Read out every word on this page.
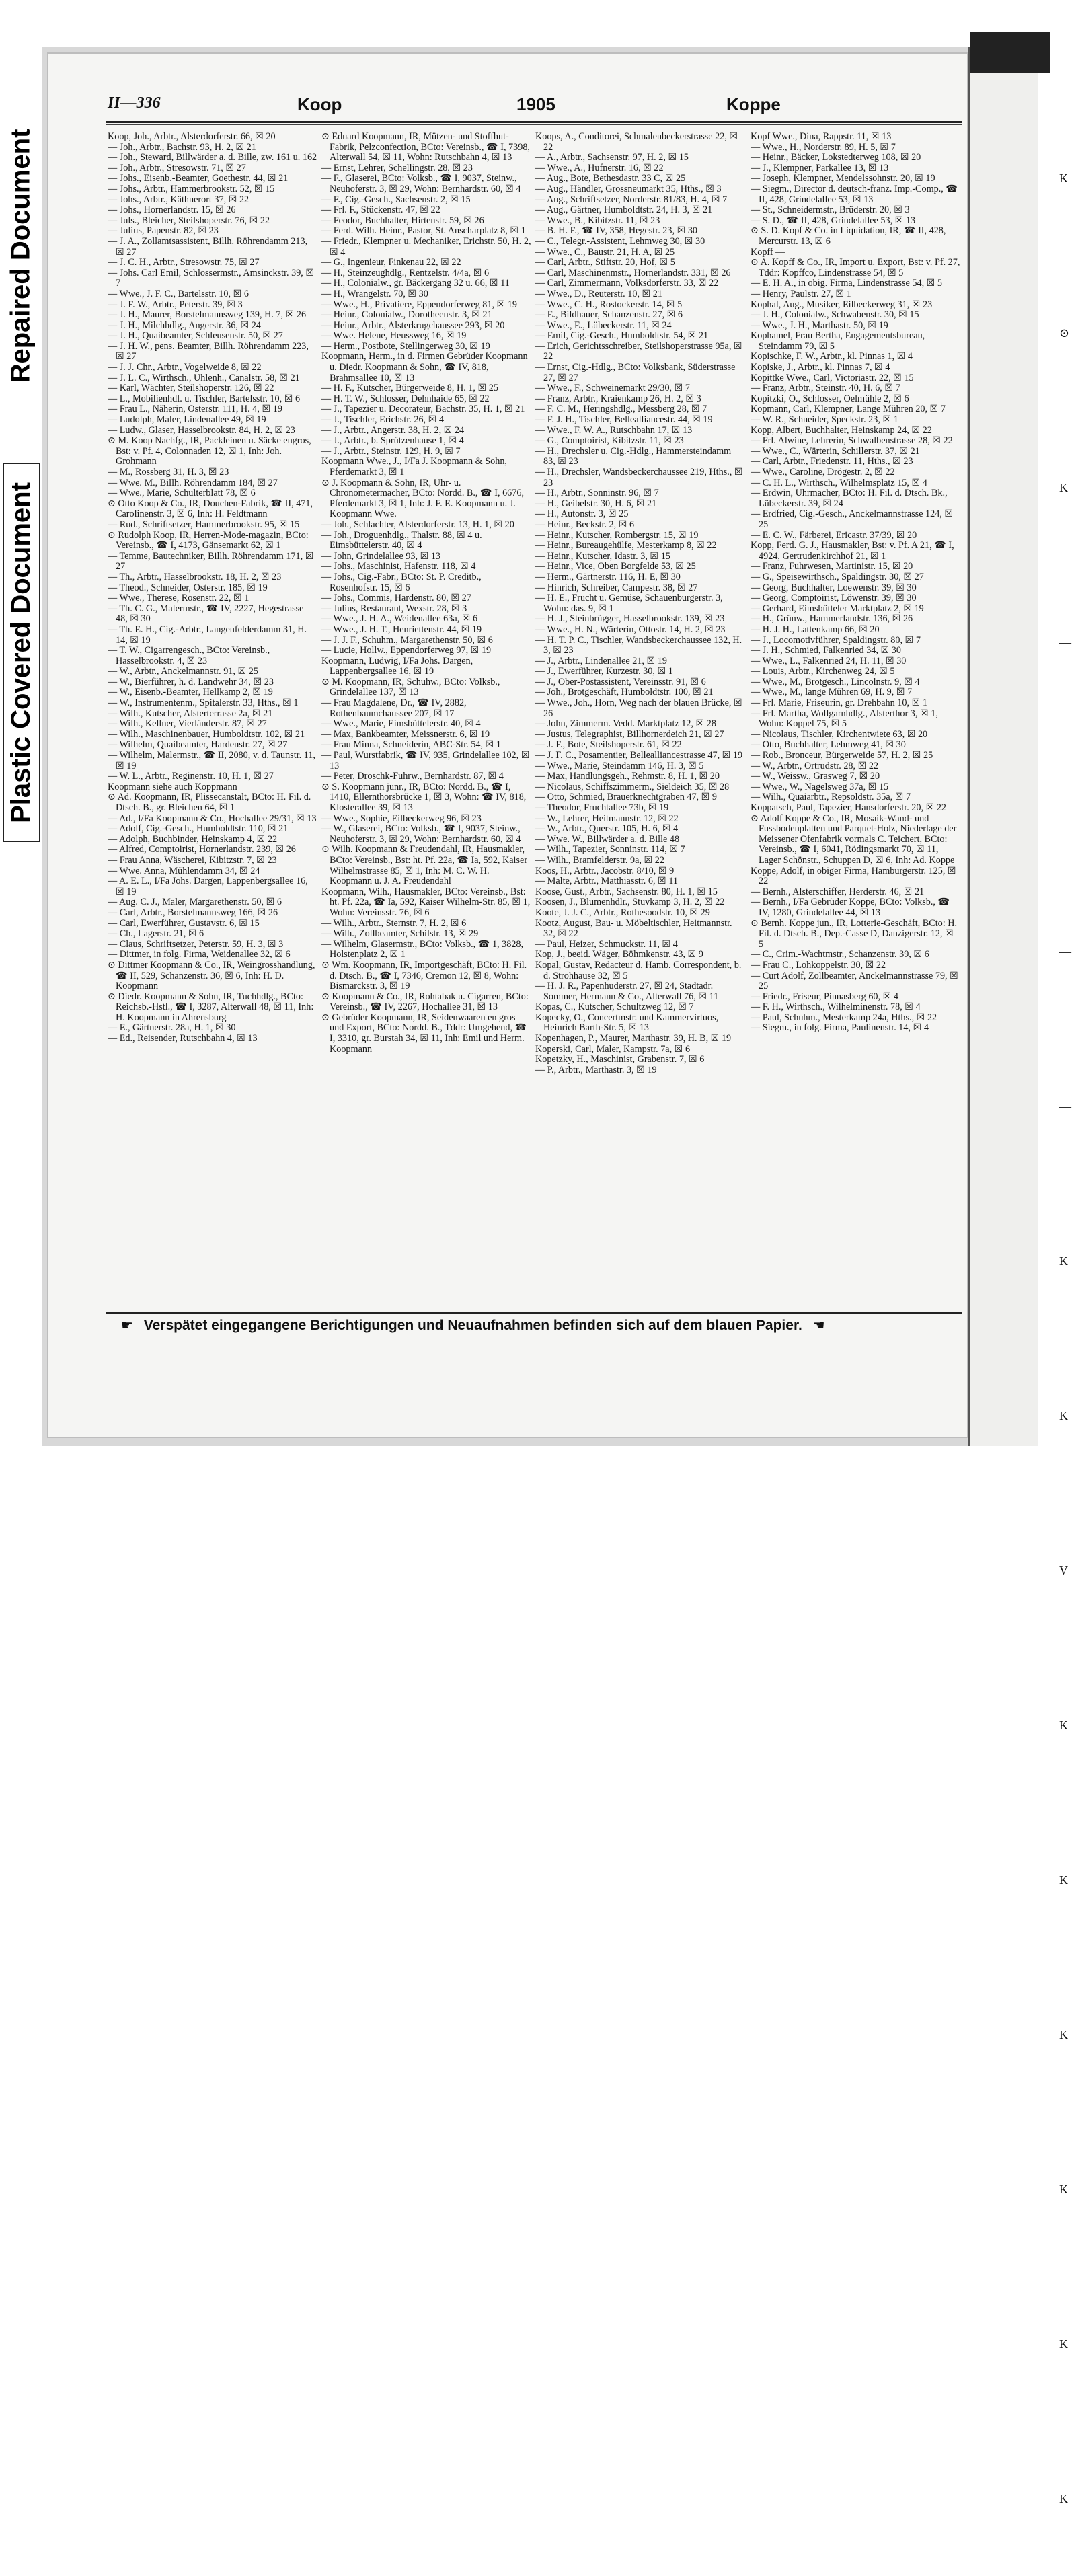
Repaired Document
Plastic Covered Document
II—336	Koop	1905	Koppe

Koop, Joh., Arbtr., Alsterdorferstr. 66, ☒ 20

— Joh., Arbtr., Bachstr. 93, H. 2, ☒ 21

— Joh., Steward, Billwärder a. d. Bille, zw. 161 u. 162

— Joh., Arbtr., Stresowstr. 71, ☒ 27

— Johs., Eisenb.-Beamter, Goethestr. 44, ☒ 21

— Johs., Arbtr., Hammerbrookstr. 52, ☒ 15

— Johs., Arbtr., Käthnerort 37, ☒ 22

— Johs., Hornerlandstr. 15, ☒ 26

— Juls., Bleicher, Steilshoperstr. 76, ☒ 22

— Julius, Papenstr. 82, ☒ 23

— J. A., Zollamtsassistent, Billh. Röhrendamm 213, ☒ 27

— J. C. H., Arbtr., Stresowstr. 75, ☒ 27

— Johs. Carl Emil, Schlossermstr., Amsinckstr. 39, ☒ 7

— Wwe., J. F. C., Bartelsstr. 10, ☒ 6

— J. F. W., Arbtr., Peterstr. 39, ☒ 3

— J. H., Maurer, Borstelmannsweg 139, H. 7, ☒ 26

— J. H., Milchhdlg., Angerstr. 36, ☒ 24

— J. H., Quaibeamter, Schleusenstr. 50, ☒ 27

— J. H. W., pens. Beamter, Billh. Röhrendamm 223, ☒ 27

— J. J. Chr., Arbtr., Vogelweide 8, ☒ 22

— J. L. C., Wirthsch., Uhlenh., Canalstr. 58, ☒ 21

— Karl, Wächter, Steilshoperstr. 126, ☒ 22

— L., Mobilienhdl. u. Tischler, Bartelsstr. 10, ☒ 6

— Frau L., Näherin, Osterstr. 111, H. 4, ☒ 19

— Ludolph, Maler, Lindenallee 49, ☒ 19

— Ludw., Glaser, Hasselbrookstr. 84, H. 2, ☒ 23

⊙ M. Koop Nachfg., IR, Packleinen u. Säcke engros, Bst: v. Pf. 4, Colonnaden 12, ☒ 1, Inh: Joh. Grohmann

— M., Rossberg 31, H. 3, ☒ 23

— Wwe. M., Billh. Röhrendamm 184, ☒ 27

— Wwe., Marie, Schulterblatt 78, ☒ 6

⊙ Otto Koop & Co., IR, Douchen-Fabrik, ☎ II, 471, Carolinenstr. 3, ☒ 6, Inh: H. Feldtmann

— Rud., Schriftsetzer, Hammerbrookstr. 95, ☒ 15

⊙ Rudolph Koop, IR, Herren-Mode-magazin, BCto: Vereinsb., ☎ I, 4173, Gänsemarkt 62, ☒ 1

— Temme, Bautechniker, Billh. Röhrendamm 171, ☒ 27

— Th., Arbtr., Hasselbrookstr. 18, H. 2, ☒ 23

— Theod., Schneider, Osterstr. 185, ☒ 19

— Wwe., Therese, Rosenstr. 22, ☒ 1

— Th. C. G., Malermstr., ☎ IV, 2227, Hegestrasse 48, ☒ 30

— Th. E. H., Cig.-Arbtr., Langenfelderdamm 31, H. 14, ☒ 19

— T. W., Cigarrengesch., BCto: Vereinsb., Hasselbrookstr. 4, ☒ 23

— W., Arbtr., Anckelmannstr. 91, ☒ 25

— W., Bierführer, h. d. Landwehr 34, ☒ 23

— W., Eisenb.-Beamter, Hellkamp 2, ☒ 19

— W., Instrumentenm., Spitalerstr. 33, Hths., ☒ 1

— Wilh., Kutscher, Alsterterrasse 2a, ☒ 21

— Wilh., Kellner, Vierländerstr. 87, ☒ 27

— Wilh., Maschinenbauer, Humboldtstr. 102, ☒ 21

— Wilhelm, Quaibeamter, Hardenstr. 27, ☒ 27

— Wilhelm, Malermstr., ☎ II, 2080, v. d. Taunstr. 11, ☒ 19

— W. L., Arbtr., Reginenstr. 10, H. 1, ☒ 27

Koopmann siehe auch Koppmann

⊙ Ad. Koopmann, IR, Plissecanstalt, BCto: H. Fil. d. Dtsch. B., gr. Bleichen 64, ☒ 1

— Ad., I/Fa Koopmann & Co., Hochallee 29/31, ☒ 13

— Adolf, Cig.-Gesch., Humboldtstr. 110, ☒ 21

— Adolph, Buchbinder, Heinskamp 4, ☒ 22

— Alfred, Comptoirist, Hornerlandstr. 239, ☒ 26

— Frau Anna, Wäscherei, Kibitzstr. 7, ☒ 23

— Wwe. Anna, Mühlendamm 34, ☒ 24

— A. E. L., I/Fa Johs. Dargen, Lappenbergsallee 16, ☒ 19

— Aug. C. J., Maler, Margarethenstr. 50, ☒ 6

— Carl, Arbtr., Borstelmannsweg 166, ☒ 26

— Carl, Ewerführer, Gustavstr. 6, ☒ 15

— Ch., Lagerstr. 21, ☒ 6

— Claus, Schriftsetzer, Peterstr. 59, H. 3, ☒ 3

— Dittmer, in folg. Firma, Weidenallee 32, ☒ 6

⊙ Dittmer Koopmann & Co., IR, Weingrosshandlung, ☎ II, 529, Schanzenstr. 36, ☒ 6, Inh: H. D. Koopmann

⊙ Diedr. Koopmann & Sohn, IR, Tuchhdlg., BCto: Reichsb.-Hstl., ☎ I, 3287, Alterwall 48, ☒ 11, Inh: H. Koopmann in Ahrensburg

— E., Gärtnerstr. 28a, H. 1, ☒ 30

— Ed., Reisender, Rutschbahn 4, ☒ 13

⊙ Eduard Koopmann, IR, Mützen- und Stoffhut-Fabrik, Pelzconfection, BCto: Vereinsb., ☎ I, 7398, Alterwall 54, ☒ 11, Wohn: Rutschbahn 4, ☒ 13

— Ernst, Lehrer, Schellingstr. 28, ☒ 23

— F., Glaserei, BCto: Volksb., ☎ I, 9037, Steinw., Neuhoferstr. 3, ☒ 29, Wohn: Bernhardstr. 60, ☒ 4

— F., Cig.-Gesch., Sachsenstr. 2, ☒ 15

— Frl. F., Stückenstr. 47, ☒ 22

— Feodor, Buchhalter, Hirtenstr. 59, ☒ 26

— Ferd. Wilh. Heinr., Pastor, St. Anscharplatz 8, ☒ 1

— Friedr., Klempner u. Mechaniker, Erichstr. 50, H. 2, ☒ 4

— G., Ingenieur, Finkenau 22, ☒ 22

— H., Steinzeughdlg., Rentzelstr. 4/4a, ☒ 6

— H., Colonialw., gr. Bäckergang 32 u. 66, ☒ 11

— H., Wrangelstr. 70, ☒ 30

— Wwe., H., Privatiere, Eppendorferweg 81, ☒ 19

— Heinr., Colonialw., Dorotheenstr. 3, ☒ 21

— Heinr., Arbtr., Alsterkrugchaussee 293, ☒ 20

— Wwe. Helene, Heussweg 16, ☒ 19

— Herm., Postbote, Stellingerweg 30, ☒ 19

Koopmann, Herm., in d. Firmen Gebrüder Koopmann u. Diedr. Koopmann & Sohn, ☎ IV, 818, Brahmsallee 10, ☒ 13

— H. F., Kutscher, Bürgerweide 8, H. 1, ☒ 25

— H. T. W., Schlosser, Dehnhaide 65, ☒ 22

— J., Tapezier u. Decorateur, Bachstr. 35, H. 1, ☒ 21

— J., Tischler, Erichstr. 26, ☒ 4

— J., Arbtr., Angerstr. 38, H. 2, ☒ 24

— J., Arbtr., b. Sprützenhause 1, ☒ 4

— J., Arbtr., Steinstr. 129, H. 9, ☒ 7

Koopmann Wwe., J., I/Fa J. Koopmann & Sohn, Pferdemarkt 3, ☒ 1

⊙ J. Koopmann & Sohn, IR, Uhr- u. Chronometermacher, BCto: Nordd. B., ☎ I, 6676, Pferdemarkt 3, ☒ 1, Inh: J. F. E. Koopmann u. J. Koopmann Wwe.

— Joh., Schlachter, Alsterdorferstr. 13, H. 1, ☒ 20

— Joh., Droguenhdlg., Thalstr. 88, ☒ 4 u. Eimsbüttelerstr. 40, ☒ 4

— John, Grindelallee 93, ☒ 13

— Johs., Maschinist, Hafenstr. 118, ☒ 4

— Johs., Cig.-Fabr., BCto: St. P. Creditb., Rosenhofstr. 15, ☒ 6

— Johs., Commis, Hardenstr. 80, ☒ 27

— Julius, Restaurant, Wexstr. 28, ☒ 3

— Wwe., J. H. A., Weidenallee 63a, ☒ 6

— Wwe., J. H. T., Henriettenstr. 44, ☒ 19

— J. J. F., Schuhm., Margarethenstr. 50, ☒ 6

— Lucie, Hollw., Eppendorferweg 97, ☒ 19

Koopmann, Ludwig, I/Fa Johs. Dargen, Lappenbergsallee 16, ☒ 19

⊙ M. Koopmann, IR, Schuhw., BCto: Volksb., Grindelallee 137, ☒ 13

— Frau Magdalene, Dr., ☎ IV, 2882, Rothenbaumchaussee 207, ☒ 17

— Wwe., Marie, Eimsbüttelerstr. 40, ☒ 4

— Max, Bankbeamter, Meissnerstr. 6, ☒ 19

— Frau Minna, Schneiderin, ABC-Str. 54, ☒ 1

— Paul, Wurstfabrik, ☎ IV, 935, Grindelallee 102, ☒ 13

— Peter, Droschk-Fuhrw., Bernhardstr. 87, ☒ 4

⊙ S. Koopmann junr., IR, BCto: Nordd. B., ☎ I, 1410, Ellernthorsbrücke 1, ☒ 3, Wohn: ☎ IV, 818, Klosterallee 39, ☒ 13

— Wwe., Sophie, Eilbeckerweg 96, ☒ 23

— W., Glaserei, BCto: Volksb., ☎ I, 9037, Steinw., Neuhoferstr. 3, ☒ 29, Wohn: Bernhardstr. 60, ☒ 4

⊙ Wilh. Koopmann & Freudendahl, IR, Hausmakler, BCto: Vereinsb., Bst: ht. Pf. 22a, ☎ Ia, 592, Kaiser Wilhelmstrasse 85, ☒ 1, Inh: M. C. W. H. Koopmann u. J. A. Freudendahl

Koopmann, Wilh., Hausmakler, BCto: Vereinsb., Bst: ht. Pf. 22a, ☎ Ia, 592, Kaiser Wilhelm-Str. 85, ☒ 1, Wohn: Vereinsstr. 76, ☒ 6

— Wilh., Arbtr., Sternstr. 7, H. 2, ☒ 6

— Wilh., Zollbeamter, Schilstr. 13, ☒ 29

— Wilhelm, Glasermstr., BCto: Volksb., ☎ 1, 3828, Holstenplatz 2, ☒ 1

⊙ Wm. Koopmann, IR, Importgeschäft, BCto: H. Fil. d. Dtsch. B., ☎ I, 7346, Cremon 12, ☒ 8, Wohn: Bismarckstr. 3, ☒ 19

⊙ Koopmann & Co., IR, Rohtabak u. Cigarren, BCto: Vereinsb., ☎ IV, 2267, Hochallee 31, ☒ 13

⊙ Gebrüder Koopmann, IR, Seidenwaaren en gros und Export, BCto: Nordd. B., Tddr: Umgehend, ☎ I, 3310, gr. Burstah 34, ☒ 11, Inh: Emil und Herm. Koopmann

Koops, A., Conditorei, Schmalenbeckerstrasse 22, ☒ 22

— A., Arbtr., Sachsenstr. 97, H. 2, ☒ 15

— Wwe., A., Hufnerstr. 16, ☒ 22

— Aug., Bote, Bethesdastr. 33 C, ☒ 25

— Aug., Händler, Grossneumarkt 35, Hths., ☒ 3

— Aug., Schriftsetzer, Norderstr. 81/83, H. 4, ☒ 7

— Aug., Gärtner, Humboldtstr. 24, H. 3, ☒ 21

— Wwe., B., Kibitzstr. 11, ☒ 23

— B. H. F., ☎ IV, 358, Hegestr. 23, ☒ 30

— C., Telegr.-Assistent, Lehmweg 30, ☒ 30

— Wwe., C., Baustr. 21, H. A, ☒ 25

— Carl, Arbtr., Stiftstr. 20, Hof, ☒ 5

— Carl, Maschinenmstr., Hornerlandstr. 331, ☒ 26

— Carl, Zimmermann, Volksdorferstr. 33, ☒ 22

— Wwe., D., Reuterstr. 10, ☒ 21

— Wwe., C. H., Rostockerstr. 14, ☒ 5

— E., Bildhauer, Schanzenstr. 27, ☒ 6

— Wwe., E., Lübeckerstr. 11, ☒ 24

— Emil, Cig.-Gesch., Humboldtstr. 54, ☒ 21

— Erich, Gerichtsschreiber, Steilshoperstrasse 95a, ☒ 22

— Ernst, Cig.-Hdlg., BCto: Volksbank, Süderstrasse 27, ☒ 27

— Wwe., F., Schweinemarkt 29/30, ☒ 7

— Franz, Arbtr., Kraienkamp 26, H. 2, ☒ 3

— F. C. M., Heringshdlg., Messberg 28, ☒ 7

— F. J. H., Tischler, Bellealliancestr. 44, ☒ 19

— Wwe., F. W. A., Rutschbahn 17, ☒ 13

— G., Comptoirist, Kibitzstr. 11, ☒ 23

— H., Drechsler u. Cig.-Hdlg., Hammersteindamm 83, ☒ 23

— H., Drechsler, Wandsbeckerchaussee 219, Hths., ☒ 23

— H., Arbtr., Sonninstr. 96, ☒ 7

— H., Geibelstr. 30, H. 6, ☒ 21

— H., Autonstr. 3, ☒ 25

— Heinr., Beckstr. 2, ☒ 6

— Heinr., Kutscher, Rombergstr. 15, ☒ 19

— Heinr., Bureaugehülfe, Mesterkamp 8, ☒ 22

— Heinr., Kutscher, Idastr. 3, ☒ 15

— Heinr., Vice, Oben Borgfelde 53, ☒ 25

— Herm., Gärtnerstr. 116, H. E, ☒ 30

— Hinrich, Schreiber, Campestr. 38, ☒ 27

— H. E., Frucht u. Gemüse, Schauenburgerstr. 3, Wohn: das. 9, ☒ 1

— H. J., Steinbrügger, Hasselbrookstr. 139, ☒ 23

— Wwe., H. N., Wärterin, Ottostr. 14, H. 2, ☒ 23

— H. T. P. C., Tischler, Wandsbeckerchaussee 132, H. 3, ☒ 23

— J., Arbtr., Lindenallee 21, ☒ 19

— J., Ewerführer, Kurzestr. 30, ☒ 1

— J., Ober-Postassistent, Vereinsstr. 91, ☒ 6

— Joh., Brotgeschäft, Humboldtstr. 100, ☒ 21

— Wwe., Joh., Horn, Weg nach der blauen Brücke, ☒ 26

— John, Zimmerm. Vedd. Marktplatz 12, ☒ 28

— Justus, Telegraphist, Billhornerdeich 21, ☒ 27

— J. F., Bote, Steilshoperstr. 61, ☒ 22

— J. F. C., Posamentier, Bellealliancestrasse 47, ☒ 19

— Wwe., Marie, Steindamm 146, H. 3, ☒ 5

— Max, Handlungsgeh., Rehmstr. 8, H. 1, ☒ 20

— Nicolaus, Schiffszimmerm., Sieldeich 35, ☒ 28

— Otto, Schmied, Brauerknechtgraben 47, ☒ 9

— Theodor, Fruchtallee 73b, ☒ 19

— W., Lehrer, Heitmannstr. 12, ☒ 22

— W., Arbtr., Querstr. 105, H. 6, ☒ 4

— Wwe. W., Billwärder a. d. Bille 48

— Wilh., Tapezier, Sonninstr. 114, ☒ 7

— Wilh., Bramfelderstr. 9a, ☒ 22

Koos, H., Arbtr., Jacobstr. 8/10, ☒ 9

— Malte, Arbtr., Matthiasstr. 6, ☒ 11

Koose, Gust., Arbtr., Sachsenstr. 80, H. 1, ☒ 15

Koosen, J., Blumenhdlr., Stuvkamp 3, H. 2, ☒ 22

Koote, J. J. C., Arbtr., Rothesoodstr. 10, ☒ 29

Kootz, August, Bau- u. Möbeltischler, Heitmannstr. 32, ☒ 22

— Paul, Heizer, Schmuckstr. 11, ☒ 4

Kop, J., beeid. Wäger, Böhmkenstr. 43, ☒ 9

Kopal, Gustav, Redacteur d. Hamb. Correspondent, b. d. Strohhause 32, ☒ 5

— H. J. R., Papenhuderstr. 27, ☒ 24, Stadtadr. Sommer, Hermann & Co., Alterwall 76, ☒ 11

Kopas, C., Kutscher, Schultzweg 12, ☒ 7

Kopecky, O., Concertmstr. und Kammervirtuos, Heinrich Barth-Str. 5, ☒ 13

Kopenhagen, P., Maurer, Marthastr. 39, H. B, ☒ 19

Koperski, Carl, Maler, Kampstr. 7a, ☒ 6

Kopetzky, H., Maschinist, Grabenstr. 7, ☒ 6

— P., Arbtr., Marthastr. 3, ☒ 19

Kopf Wwe., Dina, Rappstr. 11, ☒ 13

— Wwe., H., Norderstr. 89, H. 5, ☒ 7

— Heinr., Bäcker, Lokstedterweg 108, ☒ 20

— J., Klempner, Parkallee 13, ☒ 13

— Joseph, Klempner, Mendelssohnstr. 20, ☒ 19

— Siegm., Director d. deutsch-franz. Imp.-Comp., ☎ II, 428, Grindelallee 53, ☒ 13

— St., Schneidermstr., Brüderstr. 20, ☒ 3

— S. D., ☎ II, 428, Grindelallee 53, ☒ 13

⊙ S. D. Kopf & Co. in Liquidation, IR, ☎ II, 428, Mercurstr. 13, ☒ 6

Kopff —

⊙ A. Kopff & Co., IR, Import u. Export, Bst: v. Pf. 27, Tddr: Kopffco, Lindenstrasse 54, ☒ 5

— E. H. A., in obig. Firma, Lindenstrasse 54, ☒ 5

— Henry, Paulstr. 27, ☒ 1

Kophal, Aug., Musiker, Eilbeckerweg 31, ☒ 23

— J. H., Colonialw., Schwabenstr. 30, ☒ 15

— Wwe., J. H., Marthastr. 50, ☒ 19

Kophamel, Frau Bertha, Engagementsbureau, Steindamm 79, ☒ 5

Kopischke, F. W., Arbtr., kl. Pinnas 1, ☒ 4

Kopiske, J., Arbtr., kl. Pinnas 7, ☒ 4

Kopittke Wwe., Carl, Victoriastr. 22, ☒ 15

— Franz, Arbtr., Steinstr. 40, H. 6, ☒ 7

Kopitzki, O., Schlosser, Oelmühle 2, ☒ 6

Kopmann, Carl, Klempner, Lange Mühren 20, ☒ 7

— W. R., Schneider, Speckstr. 23, ☒ 1

Kopp, Albert, Buchhalter, Heinskamp 24, ☒ 22

— Frl. Alwine, Lehrerin, Schwalbenstrasse 28, ☒ 22

— Wwe., C., Wärterin, Schillerstr. 37, ☒ 21

— Carl, Arbtr., Friedenstr. 11, Hths., ☒ 23

— Wwe., Caroline, Drögestr. 2, ☒ 22

— C. H. L., Wirthsch., Wilhelmsplatz 15, ☒ 4

— Erdwin, Uhrmacher, BCto: H. Fil. d. Dtsch. Bk., Lübeckerstr. 39, ☒ 24

— Erdfried, Cig.-Gesch., Anckelmannstrasse 124, ☒ 25

— E. C. W., Färberei, Ericastr. 37/39, ☒ 20

Kopp, Ferd. G. J., Hausmakler, Bst: v. Pf. A 21, ☎ I, 4924, Gertrudenkirchhof 21, ☒ 1

— Franz, Fuhrwesen, Martinistr. 15, ☒ 20

— G., Speisewirthsch., Spaldingstr. 30, ☒ 27

— Georg, Buchhalter, Loewenstr. 39, ☒ 30

— Georg, Comptoirist, Löwenstr. 39, ☒ 30

— Gerhard, Eimsbütteler Marktplatz 2, ☒ 19

— H., Grünw., Hammerlandstr. 136, ☒ 26

— H. J. H., Lattenkamp 66, ☒ 20

— J., Locomotivführer, Spaldingstr. 80, ☒ 7

— J. H., Schmied, Falkenried 34, ☒ 30

— Wwe., L., Falkenried 24, H. 11, ☒ 30

— Louis, Arbtr., Kirchenweg 24, ☒ 5

— Wwe., M., Brotgesch., Lincolnstr. 9, ☒ 4

— Wwe., M., lange Mühren 69, H. 9, ☒ 7

— Frl. Marie, Friseurin, gr. Drehbahn 10, ☒ 1

— Frl. Martha, Wollgarnhdlg., Alsterthor 3, ☒ 1, Wohn: Koppel 75, ☒ 5

— Nicolaus, Tischler, Kirchentwiete 63, ☒ 20

— Otto, Buchhalter, Lehmweg 41, ☒ 30

— Rob., Bronceur, Bürgerweide 57, H. 2, ☒ 25

— W., Arbtr., Ortrudstr. 28, ☒ 22

— W., Weissw., Grasweg 7, ☒ 20

— Wwe., W., Nagelsweg 37a, ☒ 15

— Wilh., Quaiarbtr., Repsoldstr. 35a, ☒ 7

Koppatsch, Paul, Tapezier, Hansdorferstr. 20, ☒ 22

⊙ Adolf Koppe & Co., IR, Mosaik-Wand- und Fussbodenplatten und Parquet-Holz, Niederlage der Meissener Ofenfabrik vormals C. Teichert, BCto: Vereinsb., ☎ I, 6041, Rödingsmarkt 70, ☒ 11, Lager Schönstr., Schuppen D, ☒ 6, Inh: Ad. Koppe

Koppe, Adolf, in obiger Firma, Hamburgerstr. 125, ☒ 22

— Bernh., Alsterschiffer, Herderstr. 46, ☒ 21

— Bernh., I/Fa Gebrüder Koppe, BCto: Volksb., ☎ IV, 1280, Grindelallee 44, ☒ 13

⊙ Bernh. Koppe jun., IR, Lotterie-Geschäft, BCto: H. Fil. d. Dtsch. B., Dep.-Casse D, Danzigerstr. 12, ☒ 5

— C., Crim.-Wachtmstr., Schanzenstr. 39, ☒ 6

— Frau C., Lohkoppelstr. 30, ☒ 22

— Curt Adolf, Zollbeamter, Anckelmannstrasse 79, ☒ 25

— Friedr., Friseur, Pinnasberg 60, ☒ 4

— F. H., Wirthsch., Wilhelminenstr. 78, ☒ 4

— Paul, Schuhm., Mesterkamp 24a, Hths., ☒ 22

— Siegm., in folg. Firma, Paulinenstr. 14, ☒ 4

☛ Verspätet eingegangene Berichtigungen und Neuaufnahmen befinden sich auf dem blauen Papier. ☚
K ⊙ K — — — — K K V K K K K K K
